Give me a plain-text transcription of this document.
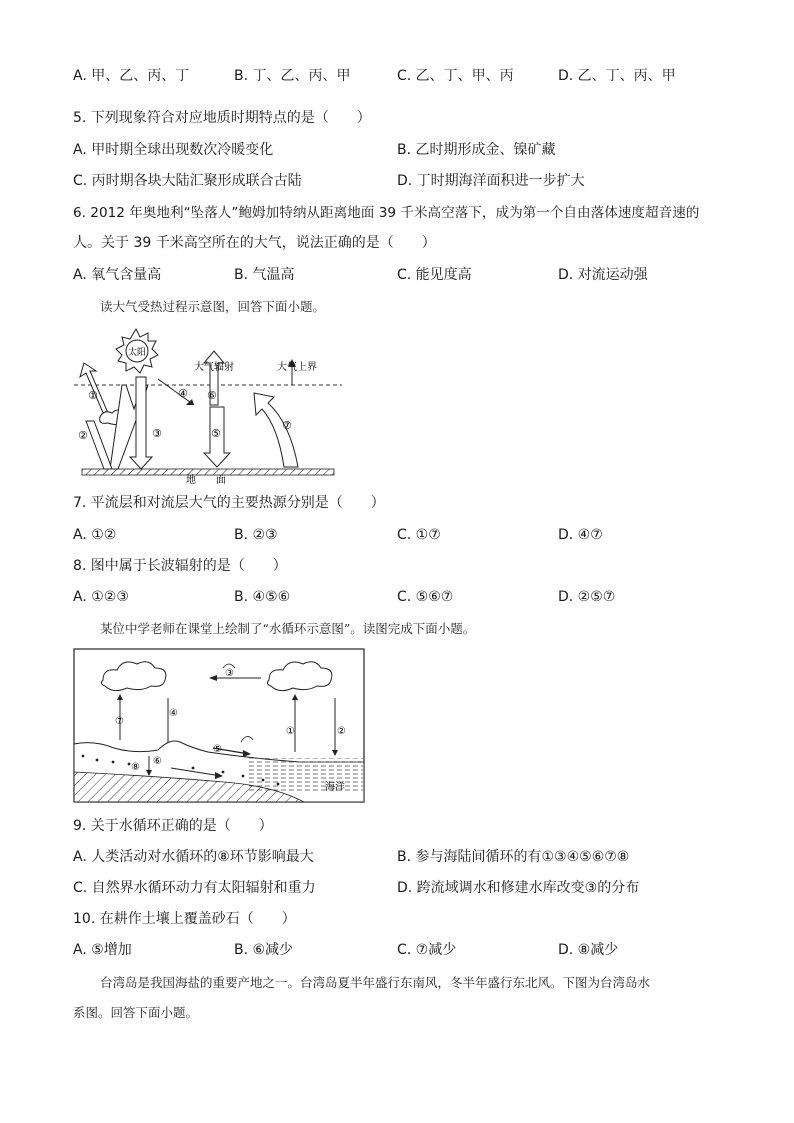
A. 甲、乙、丙、丁	B. 丁、乙、丙、甲	C. 乙、丁、甲、丙	D. 乙、丁、丙、甲
5. 下列现象符合对应地质时期特点的是（　　）
A. 甲时期全球出现数次冷暖变化	B. 乙时期形成金、镍矿藏
C. 丙时期各块大陆汇聚形成联合古陆	D. 丁时期海洋面积进一步扩大
6. 2012 年奥地利“坠落人”鲍姆加特纳从距离地面 39 千米高空落下，成为第一个自由落体速度超音速的
人。关于 39 千米高空所在的大气，说法正确的是（　　）
A. 氧气含量高	B. 气温高	C. 能见度高	D. 对流运动强
读大气受热过程示意图，回答下面小题。
太阳
①
②	③
④ ⑥
大气辐射
⑤
⑦
大气上界
地　　面
7. 平流层和对流层大气的主要热源分别是（　　）
A. ①②	B. ②③	C. ①⑦	D. ④⑦
8. 图中属于长波辐射的是（　　）
A. ①②③	B. ④⑤⑥	C. ⑤⑥⑦	D. ②⑤⑦
某位中学老师在课堂上绘制了“水循环示意图”。读图完成下面小题。
③
⑦
④
①	②
海洋
⑤
⑥
⑧
9. 关于水循环正确的是（　　）
A. 人类活动对水循环的⑧环节影响最大	B. 参与海陆间循环的有①③④⑤⑥⑦⑧
C. 自然界水循环动力有太阳辐射和重力	D. 跨流域调水和修建水库改变③的分布
10. 在耕作土壤上覆盖砂石（　　）
A. ⑤增加	B. ⑥减少	C. ⑦减少	D. ⑧减少
台湾岛是我国海盐的重要产地之一。台湾岛夏半年盛行东南风，冬半年盛行东北风。下图为台湾岛水
系图。回答下面小题。
